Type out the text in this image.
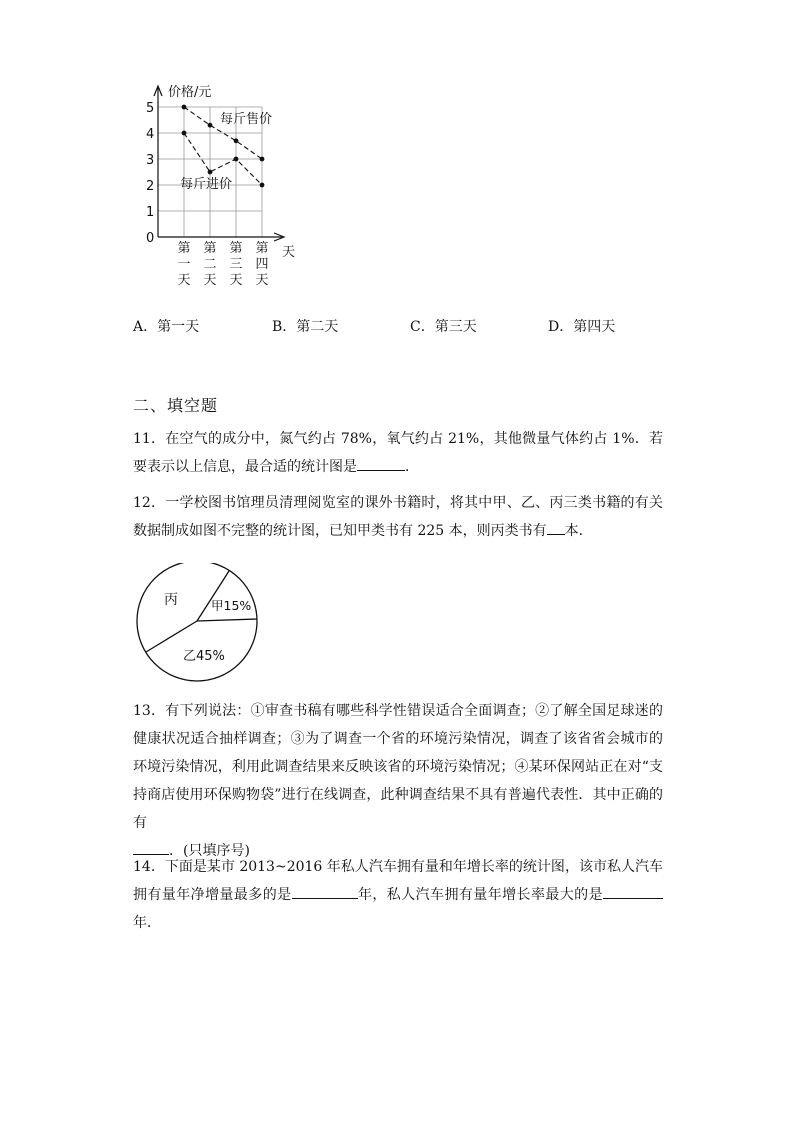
0
1
2
3
4
5
第
一
天
第
二
天
第
三
天
第
四
天
价格/元
天
每斤售价
每斤进价
A．第一天	B．第二天	C．第三天	D．第四天
二、填空题
11．在空气的成分中，氮气约占 78%，氧气约占 21%，其他微量气体约占 1%．若要表示以上信息，最合适的统计图是	．
12．一学校图书馆理员清理阅览室的课外书籍时，将其中甲、乙、丙三类书籍的有关数据制成如图不完整的统计图，已知甲类书有 225 本，则丙类书有 本．
丙	甲15%
乙45%
13．有下列说法：①审查书稿有哪些科学性错误适合全面调查；②了解全国足球迷的健康状况适合抽样调查；③为了调查一个省的环境污染情况，调查了该省省会城市的环境污染情况，利用此调查结果来反映该省的环境污染情况；④某环保网站正在对“支持商店使用环保购物袋”进行在线调查，此种调查结果不具有普遍代表性．其中正确的有
．(只填序号)
14．下面是某市 2013~2016 年私人汽车拥有量和年增长率的统计图，该市私人汽车拥有量年净增量最多的是	年，私人汽车拥有量年增长率最大的是年．
